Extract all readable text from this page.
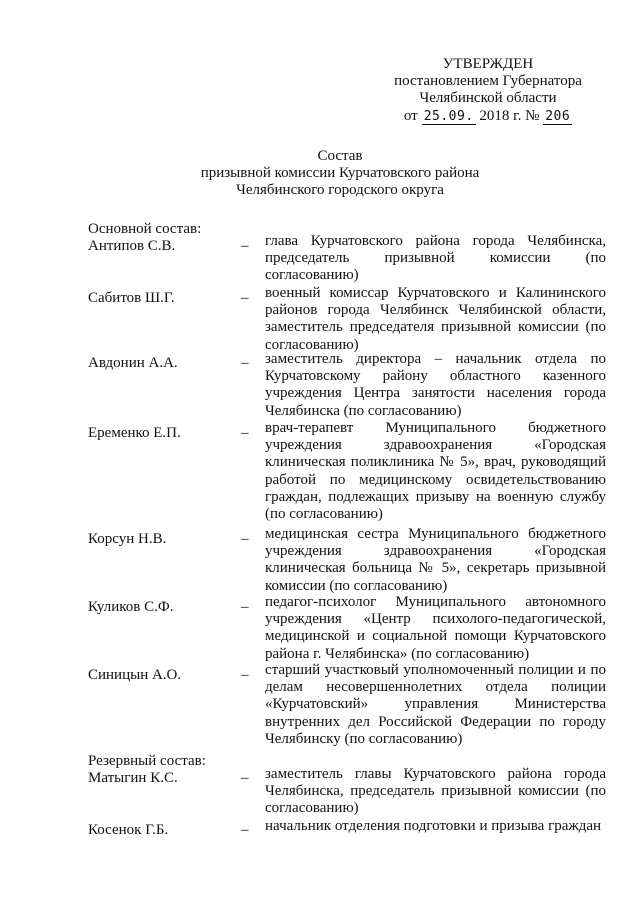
УТВЕРЖДЕН
постановлением Губернатора
Челябинской области
от 25.09. 2018 г. № 206
Состав
призывной комиссии Курчатовского района
Челябинского городского округа
Основной состав:
Антипов С.В.	– глава Курчатовского района города Челябинска, председатель призывной комиссии (по согласованию)
Сабитов Ш.Г.	– военный комиссар Курчатовского и Калининского районов города Челябинск Челябинской области, заместитель председателя призывной комиссии (по согласованию)
Авдонин А.А.	– заместитель директора – начальник отдела по Курчатовскому району областного казенного учреждения Центра занятости населения города Челябинска (по согласованию)
Еременко Е.П.	– врач-терапевт Муниципального бюджетного учреждения здравоохранения «Городская клиническая поликлиника № 5», врач, руководящий работой по медицинскому освидетельствованию граждан, подлежащих призыву на военную службу (по согласованию)
Корсун Н.В.	– медицинская сестра Муниципального бюджетного учреждения здравоохранения «Городская клиническая больница № 5», секретарь призывной комиссии (по согласованию)
Куликов С.Ф.	– педагог-психолог Муниципального автономного учреждения «Центр психолого-педагогической, медицинской и социальной помощи Курчатовского района г. Челябинска» (по согласованию)
Синицын А.О.	– старший участковый уполномоченный полиции и по делам несовершеннолетних отдела полиции «Курчатовский» управления Министерства внутренних дел Российской Федерации по городу Челябинску (по согласованию)
Резервный состав:
Матыгин К.С.	– заместитель главы Курчатовского района города Челябинска, председатель призывной комиссии (по согласованию)
Косенок Г.Б.	– начальник отделения подготовки и призыва граждан
